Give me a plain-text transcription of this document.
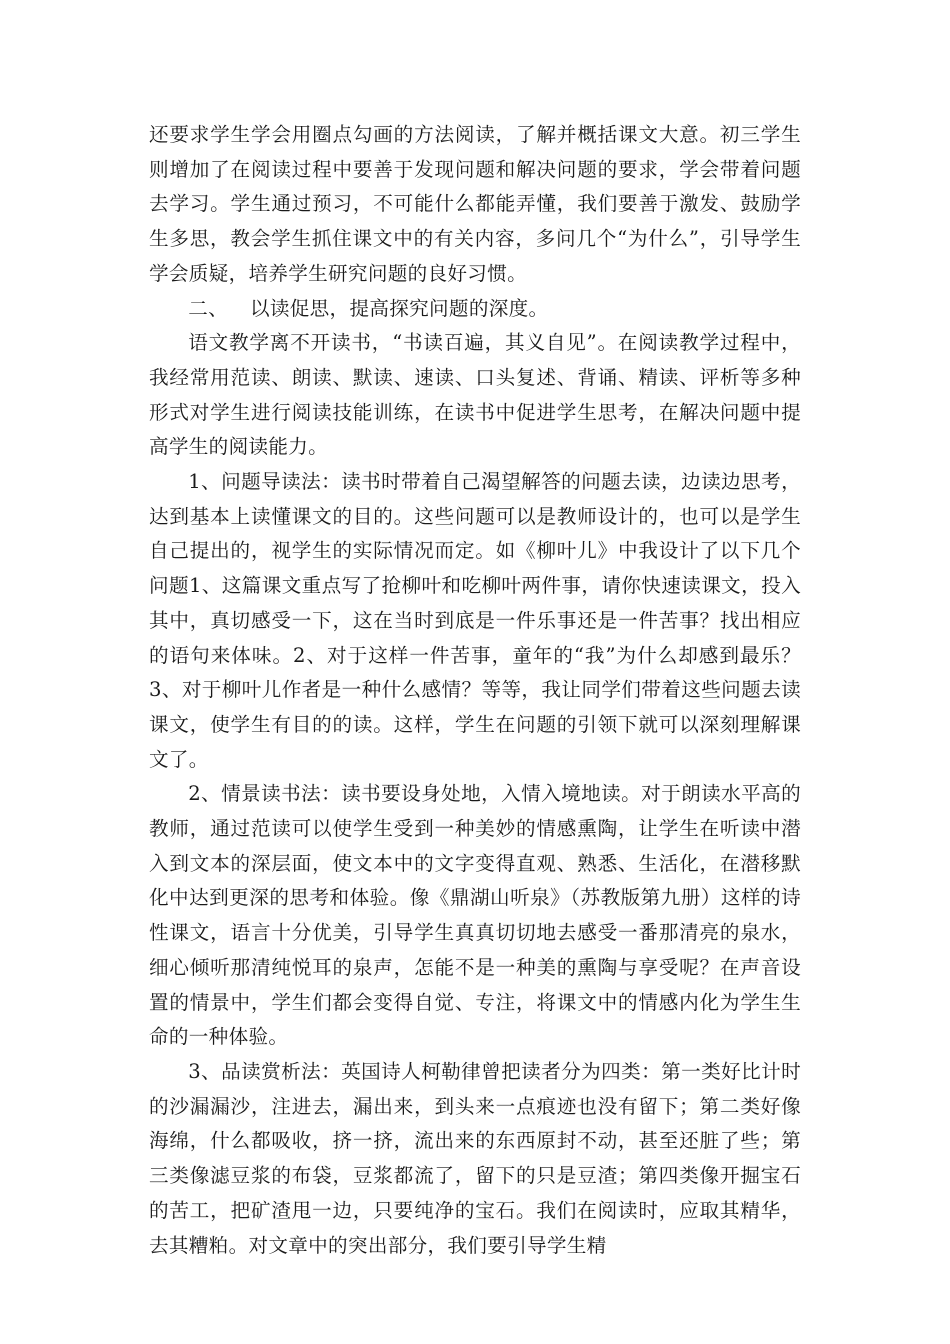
还要求学生学会用圈点勾画的方法阅读，了解并概括课文大意。初三学生则增加了在阅读过程中要善于发现问题和解决问题的要求，学会带着问题去学习。学生通过预习，不可能什么都能弄懂，我们要善于激发、鼓励学生多思，教会学生抓住课文中的有关内容，多问几个“为什么”，引导学生学会质疑，培养学生研究问题的良好习惯。

二、 以读促思，提高探究问题的深度。

语文教学离不开读书，“书读百遍，其义自见”。在阅读教学过程中，我经常用范读、朗读、默读、速读、口头复述、背诵、精读、评析等多种形式对学生进行阅读技能训练，在读书中促进学生思考，在解决问题中提高学生的阅读能力。

1、问题导读法：读书时带着自己渴望解答的问题去读，边读边思考，达到基本上读懂课文的目的。这些问题可以是教师设计的，也可以是学生自己提出的，视学生的实际情况而定。如《柳叶儿》中我设计了以下几个问题1、这篇课文重点写了抢柳叶和吃柳叶两件事，请你快速读课文，投入其中，真切感受一下，这在当时到底是一件乐事还是一件苦事？找出相应的语句来体味。2、对于这样一件苦事，童年的“我”为什么却感到最乐？3、对于柳叶儿作者是一种什么感情？等等，我让同学们带着这些问题去读课文，使学生有目的的读。这样，学生在问题的引领下就可以深刻理解课文了。

2、情景读书法：读书要设身处地，入情入境地读。对于朗读水平高的教师，通过范读可以使学生受到一种美妙的情感熏陶，让学生在听读中潜入到文本的深层面，使文本中的文字变得直观、熟悉、生活化，在潜移默化中达到更深的思考和体验。像《鼎湖山听泉》（苏教版第九册）这样的诗性课文，语言十分优美，引导学生真真切切地去感受一番那清亮的泉水，细心倾听那清纯悦耳的泉声，怎能不是一种美的熏陶与享受呢？在声音设置的情景中，学生们都会变得自觉、专注，将课文中的情感内化为学生生命的一种体验。

3、品读赏析法：英国诗人柯勒律曾把读者分为四类：第一类好比计时的沙漏漏沙，注进去，漏出来，到头来一点痕迹也没有留下；第二类好像海绵，什么都吸收，挤一挤，流出来的东西原封不动，甚至还脏了些；第三类像滤豆浆的布袋，豆浆都流了，留下的只是豆渣；第四类像开掘宝石的苦工，把矿渣甩一边，只要纯净的宝石。我们在阅读时，应取其精华，去其糟粕。对文章中的突出部分，我们要引导学生精
